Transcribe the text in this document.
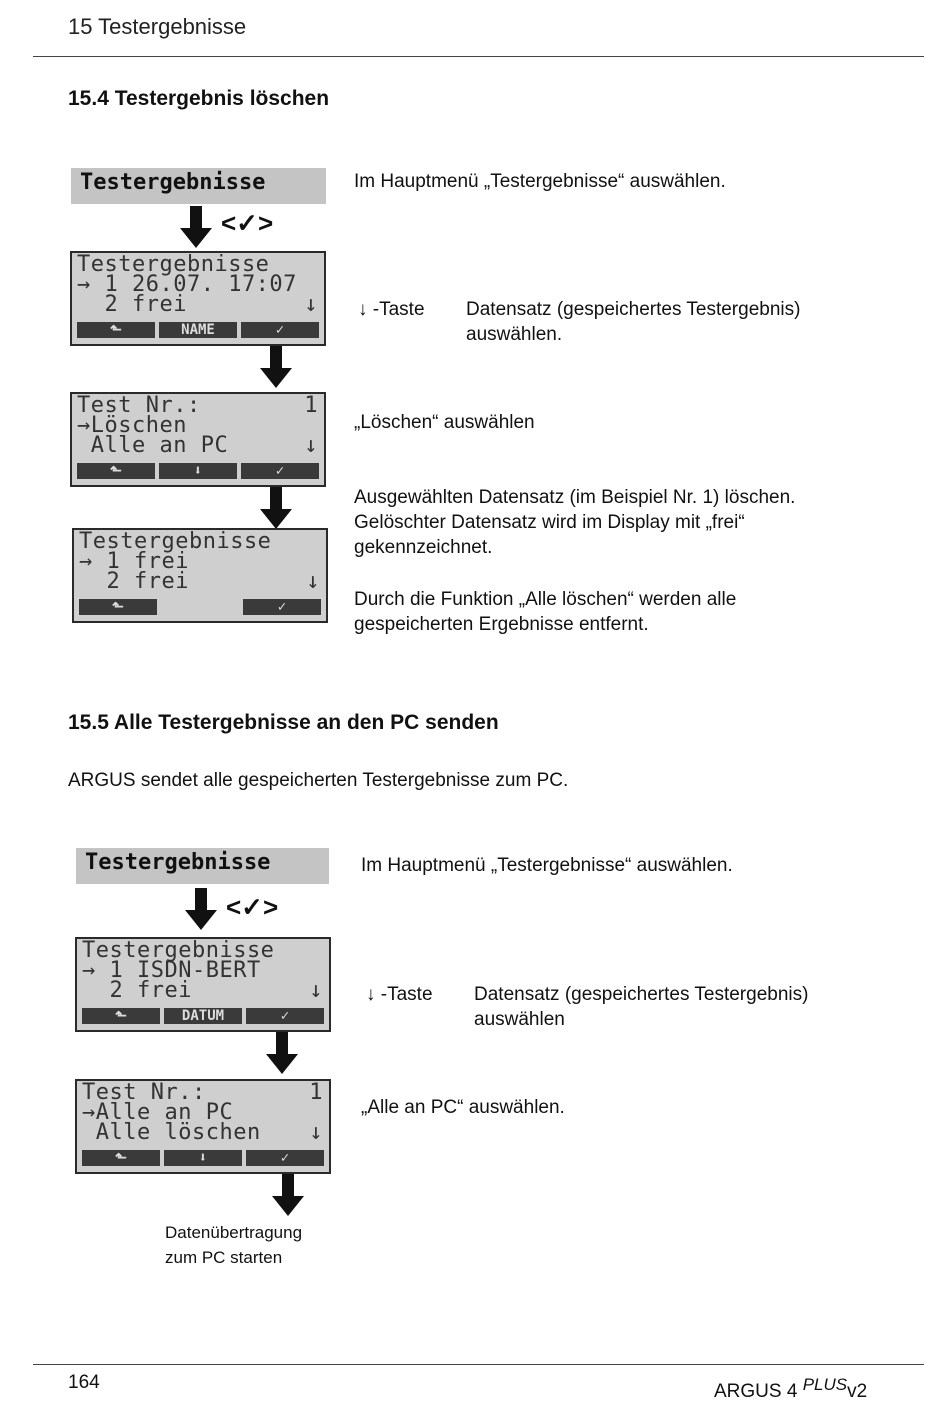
15 Testergebnisse
15.4 Testergebnis löschen
Testergebnisse
<✓>
Testergebnisse
→ 1 26.07. 17:07
2 frei	↓
⬑	NAME	✓
Test Nr.:	1
→Löschen
Alle an PC	↓
⬑	⬇	✓
Testergebnisse
→ 1 frei
2 frei	↓
⬑	✓
Im Hauptmenü „Testergebnisse“ auswählen.
↓ -Taste Datensatz (gespeichertes Testergebnis)
auswählen.
„Löschen“ auswählen
Ausgewählten Datensatz (im Beispiel Nr. 1) löschen.
Gelöschter Datensatz wird im Display mit „frei“
gekennzeichnet.
Durch die Funktion „Alle löschen“ werden alle
gespeicherten Ergebnisse entfernt.
15.5 Alle Testergebnisse an den PC senden
ARGUS sendet alle gespeicherten Testergebnisse zum PC.
Testergebnisse
<✓>
Testergebnisse
→ 1 ISDN-BERT
2 frei	↓
⬑	DATUM	✓
Test Nr.:	1
→Alle an PC
Alle löschen ↓
⬑	⬇	✓
Datenübertragung
zum PC starten
Im Hauptmenü „Testergebnisse“ auswählen.
↓ -Taste Datensatz (gespeichertes Testergebnis)
auswählen
„Alle an PC“ auswählen.
164	ARGUS 4 $^{PLUS}$v2
